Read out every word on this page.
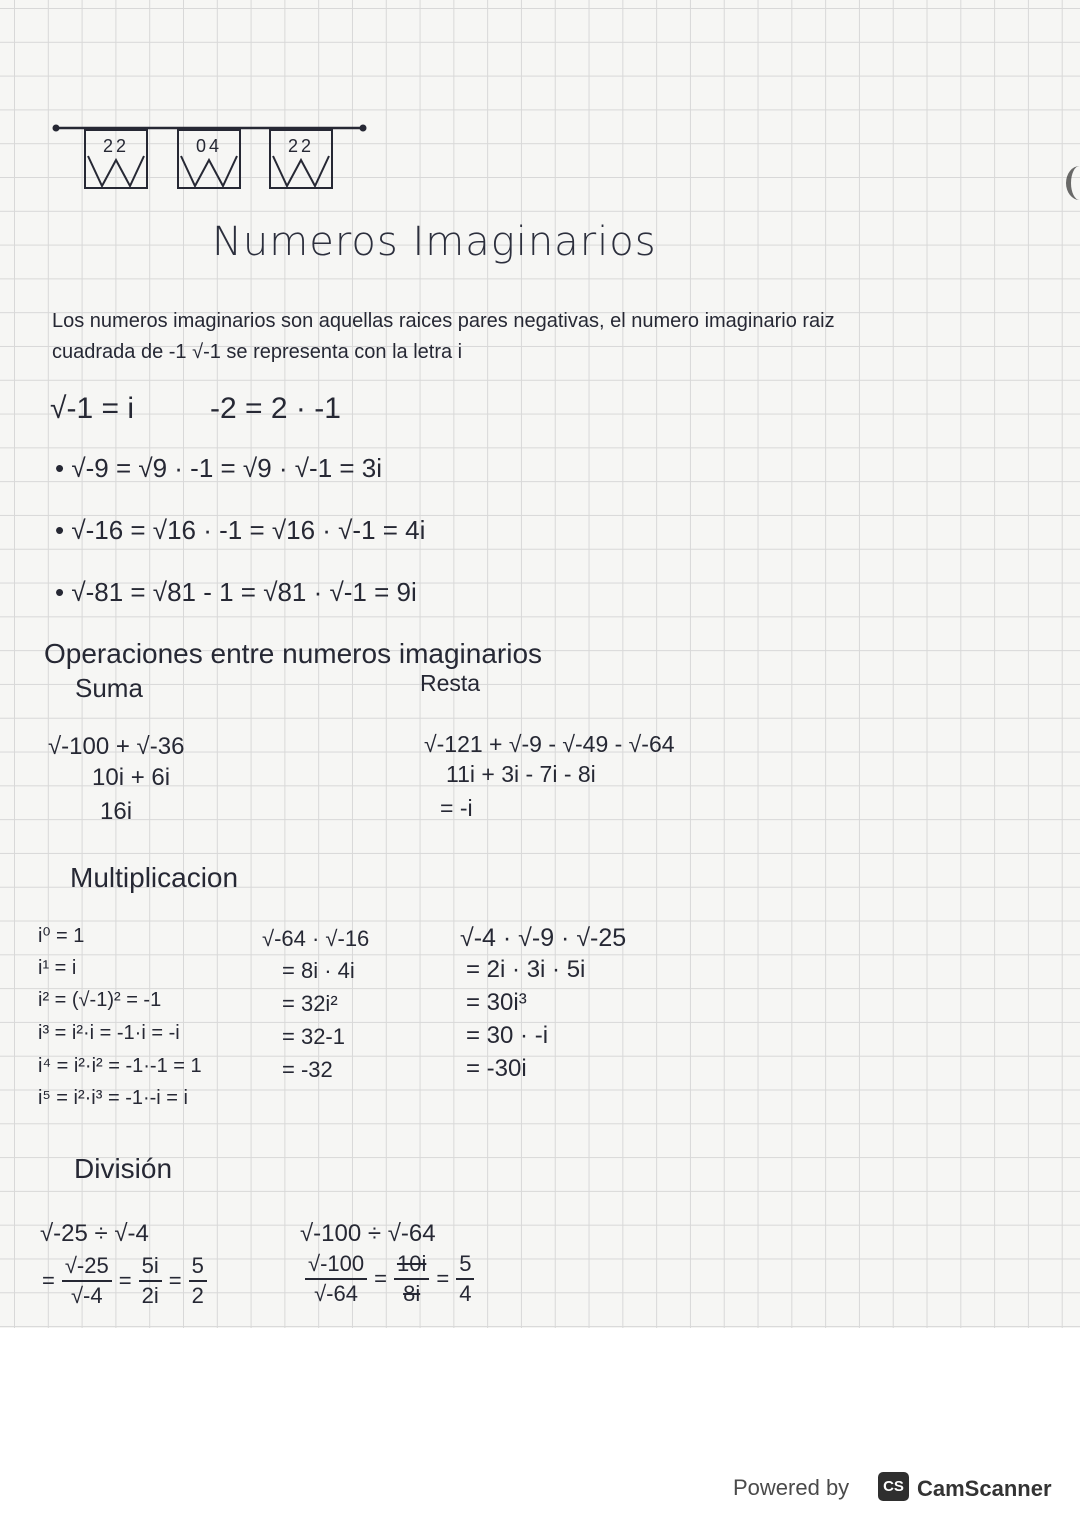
22	04	22
Numeros Imaginarios
Los numeros imaginarios son aquellas raices pares negativas, el numero imaginario raiz
cuadrada de -1 √-1 se representa con la letra i
√-1 = i	-2 = 2 · -1
• √-9 = √9 · -1 = √9 · √-1 = 3i
• √-16 = √16 · -1 = √16 · √-1 = 4i
• √-81 = √81 - 1 = √81 · √-1 = 9i
Operaciones entre numeros imaginarios
Suma	Resta
√-100 + √-36
10i + 6i
16i
√-121 + √-9 - √-49 - √-64
11i + 3i - 7i - 8i
= -i
Multiplicacion
i⁰ = 1
i¹ = i
i² = (√-1)² = -1
i³ = i²·i = -1·i = -i
i⁴ = i²·i² = -1·-1 = 1
i⁵ = i²·i³ = -1·-i = i
√-64 · √-16
= 8i · 4i
= 32i²
= 32-1
= -32
√-4 · √-9 · √-25
= 2i · 3i · 5i
= 30i³
= 30 · -i
= -30i
División
√-25 ÷ √-4
= $\frac{√-25}{√-4} = \frac{5i}{2i} = \frac{5}{2}$
√-100 ÷ √-64
$\frac{√-100}{√-64} = \frac{10i}{8i} = \frac{5}{4}$
Powered by	CS CamScanner
